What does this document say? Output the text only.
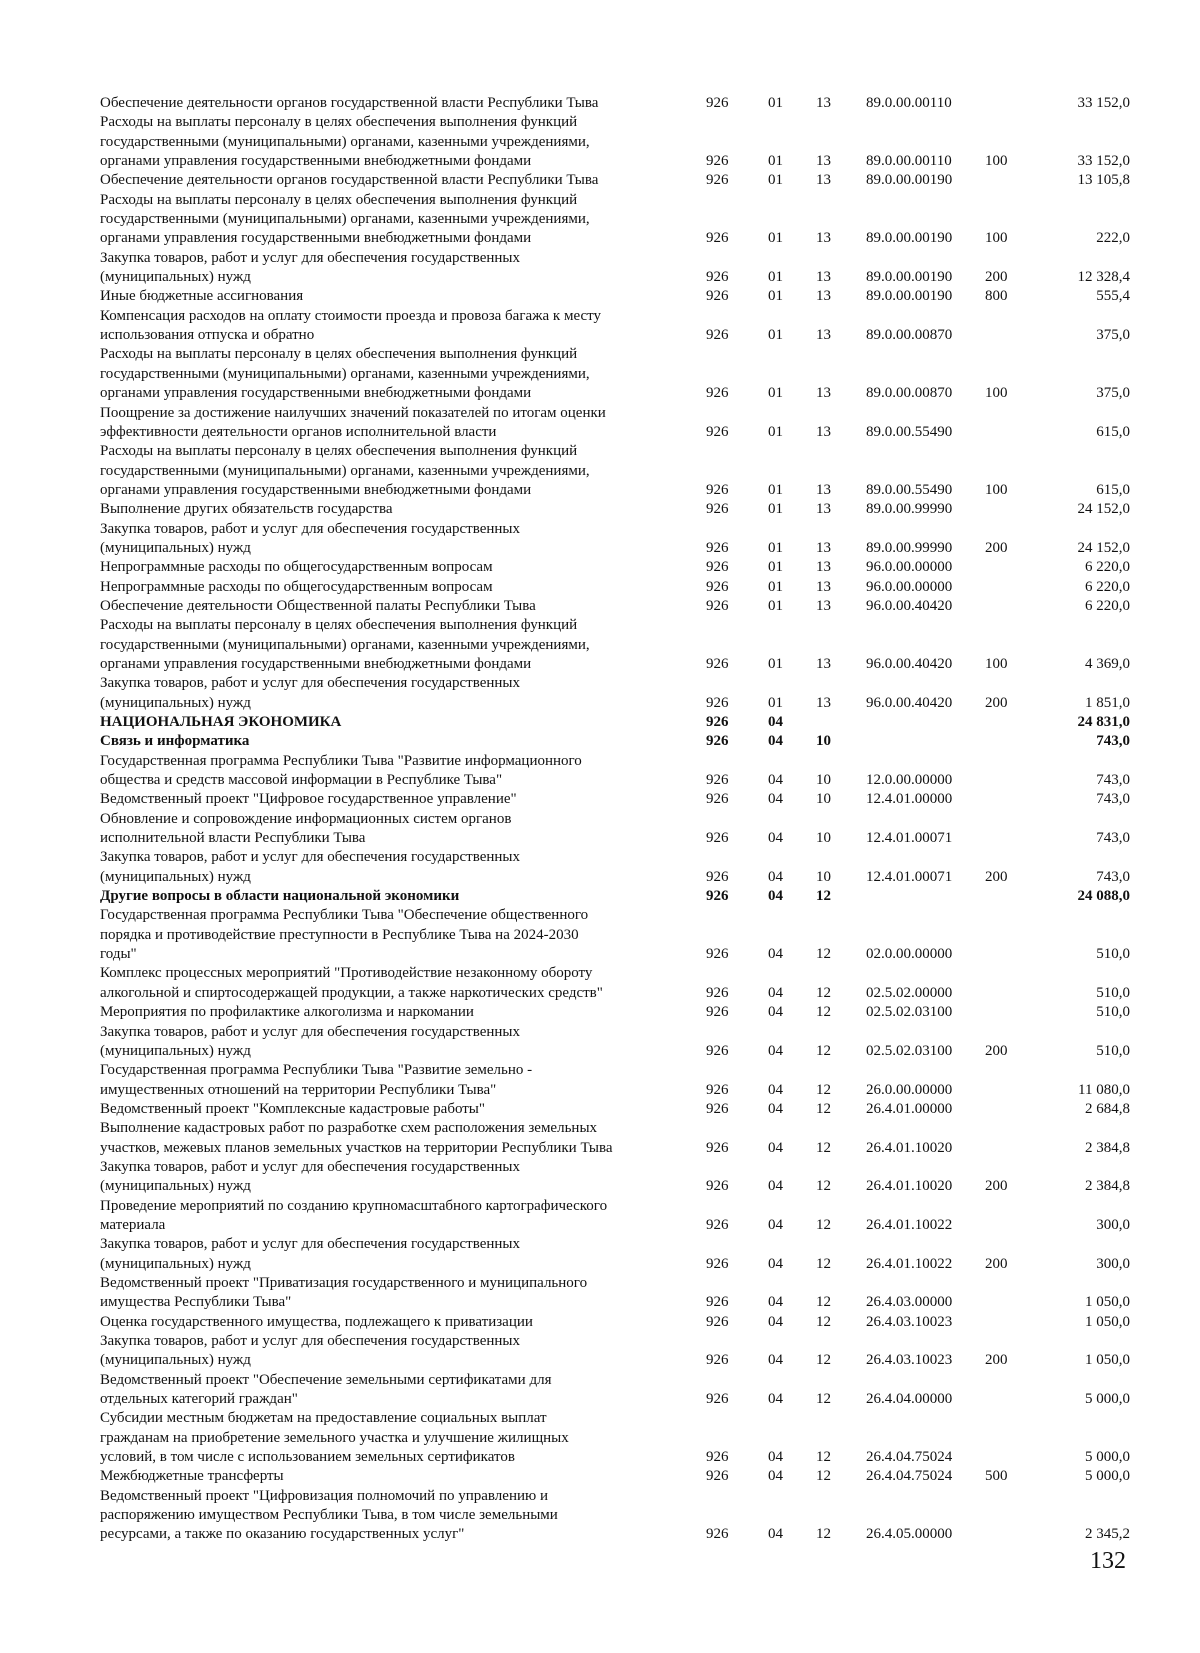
Обеспечение деятельности органов государственной власти Республики Тыва	926	01	13	89.0.00.00110		33 152,0

Расходы на выплаты персоналу в целях обеспечения выполнения функций
государственными (муниципальными) органами, казенными учреждениями,
органами управления государственными внебюджетными фондами	926	01	13	89.0.00.00110	100	33 152,0

Обеспечение деятельности органов государственной власти Республики Тыва	926	01	13	89.0.00.00190		13 105,8

Расходы на выплаты персоналу в целях обеспечения выполнения функций
государственными (муниципальными) органами, казенными учреждениями,
органами управления государственными внебюджетными фондами	926	01	13	89.0.00.00190	100	222,0

Закупка товаров, работ и услуг для обеспечения государственных
(муниципальных) нужд	926	01	13	89.0.00.00190	200	12 328,4

Иные бюджетные ассигнования	926	01	13	89.0.00.00190	800	555,4

Компенсация расходов на оплату стоимости проезда и провоза багажа к месту
использования отпуска и обратно	926	01	13	89.0.00.00870		375,0

Расходы на выплаты персоналу в целях обеспечения выполнения функций
государственными (муниципальными) органами, казенными учреждениями,
органами управления государственными внебюджетными фондами	926	01	13	89.0.00.00870	100	375,0

Поощрение за достижение наилучших значений показателей по итогам оценки
эффективности деятельности органов исполнительной власти	926	01	13	89.0.00.55490		615,0

Расходы на выплаты персоналу в целях обеспечения выполнения функций
государственными (муниципальными) органами, казенными учреждениями,
органами управления государственными внебюджетными фондами	926	01	13	89.0.00.55490	100	615,0

Выполнение других обязательств государства	926	01	13	89.0.00.99990		24 152,0

Закупка товаров, работ и услуг для обеспечения государственных
(муниципальных) нужд	926	01	13	89.0.00.99990	200	24 152,0

Непрограммные расходы по общегосударственным вопросам	926	01	13	96.0.00.00000		6 220,0

Непрограммные расходы по общегосударственным вопросам	926	01	13	96.0.00.00000		6 220,0

Обеспечение деятельности Общественной палаты Республики Тыва	926	01	13	96.0.00.40420		6 220,0

Расходы на выплаты персоналу в целях обеспечения выполнения функций
государственными (муниципальными) органами, казенными учреждениями,
органами управления государственными внебюджетными фондами	926	01	13	96.0.00.40420	100	4 369,0

Закупка товаров, работ и услуг для обеспечения государственных
(муниципальных) нужд	926	01	13	96.0.00.40420	200	1 851,0

НАЦИОНАЛЬНАЯ ЭКОНОМИКА	926	04				24 831,0

Связь и информатика	926	04	10			743,0

Государственная программа Республики Тыва "Развитие информационного
общества и средств массовой информации в Республике Тыва"	926	04	10	12.0.00.00000		743,0

Ведомственный проект "Цифровое государственное управление"	926	04	10	12.4.01.00000		743,0

Обновление и сопровождение информационных систем органов
исполнительной власти Республики Тыва	926	04	10	12.4.01.00071		743,0

Закупка товаров, работ и услуг для обеспечения государственных
(муниципальных) нужд	926	04	10	12.4.01.00071	200	743,0

Другие вопросы в области национальной экономики	926	04	12			24 088,0

Государственная программа Республики Тыва "Обеспечение общественного
порядка и противодействие преступности в Республике Тыва на 2024-2030
годы"	926	04	12	02.0.00.00000		510,0

Комплекс процессных мероприятий "Противодействие незаконному обороту
алкогольной и спиртосодержащей продукции, а также наркотических средств"	926	04	12	02.5.02.00000		510,0

Мероприятия по профилактике алкоголизма и наркомании	926	04	12	02.5.02.03100		510,0

Закупка товаров, работ и услуг для обеспечения государственных
(муниципальных) нужд	926	04	12	02.5.02.03100	200	510,0

Государственная программа Республики Тыва "Развитие земельно -
имущественных отношений на территории Республики Тыва"	926	04	12	26.0.00.00000		11 080,0

Ведомственный проект "Комплексные кадастровые работы"	926	04	12	26.4.01.00000		2 684,8

Выполнение кадастровых работ по разработке схем расположения земельных
участков, межевых планов земельных участков на территории Республики Тыва	926	04	12	26.4.01.10020		2 384,8

Закупка товаров, работ и услуг для обеспечения государственных
(муниципальных) нужд	926	04	12	26.4.01.10020	200	2 384,8

Проведение мероприятий по созданию крупномасштабного картографического
материала	926	04	12	26.4.01.10022		300,0

Закупка товаров, работ и услуг для обеспечения государственных
(муниципальных) нужд	926	04	12	26.4.01.10022	200	300,0

Ведомственный проект "Приватизация государственного и муниципального
имущества Республики Тыва"	926	04	12	26.4.03.00000		1 050,0

Оценка государственного имущества, подлежащего к приватизации	926	04	12	26.4.03.10023		1 050,0

Закупка товаров, работ и услуг для обеспечения государственных
(муниципальных) нужд	926	04	12	26.4.03.10023	200	1 050,0

Ведомственный проект "Обеспечение земельными сертификатами для
отдельных категорий граждан"	926	04	12	26.4.04.00000		5 000,0

Субсидии местным бюджетам на предоставление социальных выплат
гражданам на приобретение земельного участка и улучшение жилищных
условий, в том числе с использованием земельных сертификатов	926	04	12	26.4.04.75024		5 000,0

Межбюджетные трансферты	926	04	12	26.4.04.75024	500	5 000,0

Ведомственный проект "Цифровизация полномочий по управлению и
распоряжению имуществом Республики Тыва, в том числе земельными
ресурсами, а также по оказанию государственных услуг"	926	04	12	26.4.05.00000		2 345,2
132
